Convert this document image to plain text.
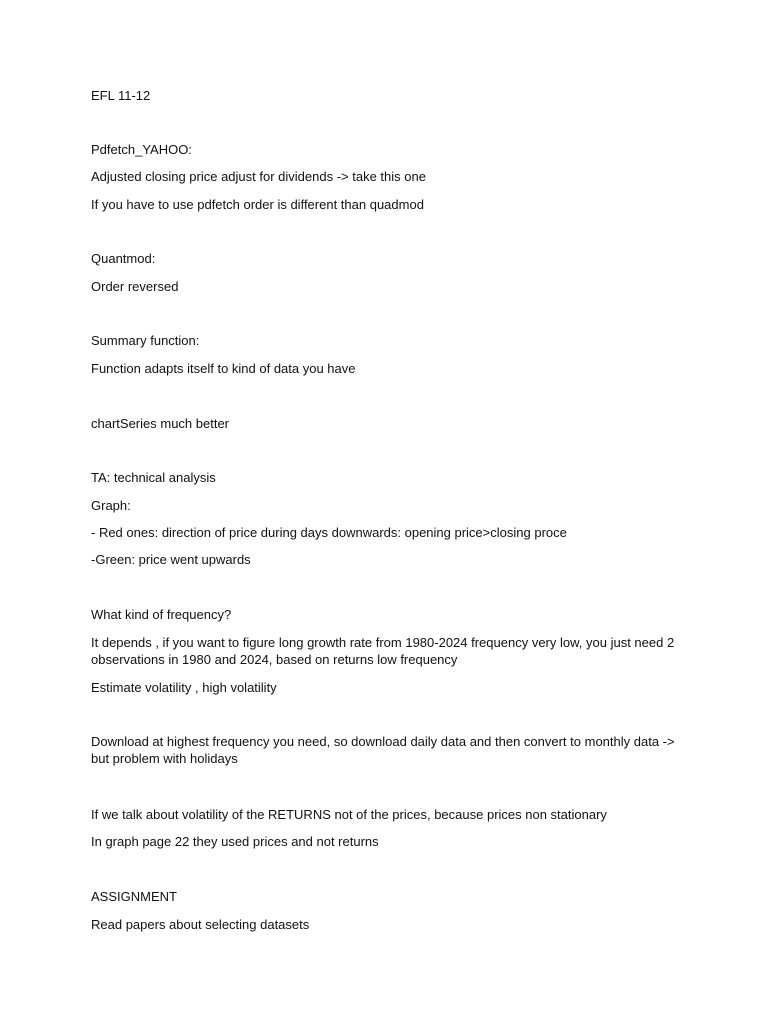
EFL 11-12
Pdfetch_YAHOO:
Adjusted closing price adjust for dividends -> take this one
If you have to use pdfetch order is different than quadmod
Quantmod:
Order reversed
Summary function:
Function adapts itself to kind of data you have
chartSeries much better
TA: technical analysis
Graph:
- Red ones: direction of price during days downwards: opening price>closing proce
-Green: price went upwards
What kind of frequency?
It depends , if you want to figure long growth rate from 1980-2024 frequency very low, you just need 2 observations in 1980 and 2024, based on returns low frequency
Estimate volatility , high volatility
Download at highest frequency you need, so download daily data and then convert to monthly data -> but problem with holidays
If we talk about volatility of the RETURNS not of the prices, because prices non stationary
In graph page 22 they used prices and not returns
ASSIGNMENT
Read papers about selecting datasets
